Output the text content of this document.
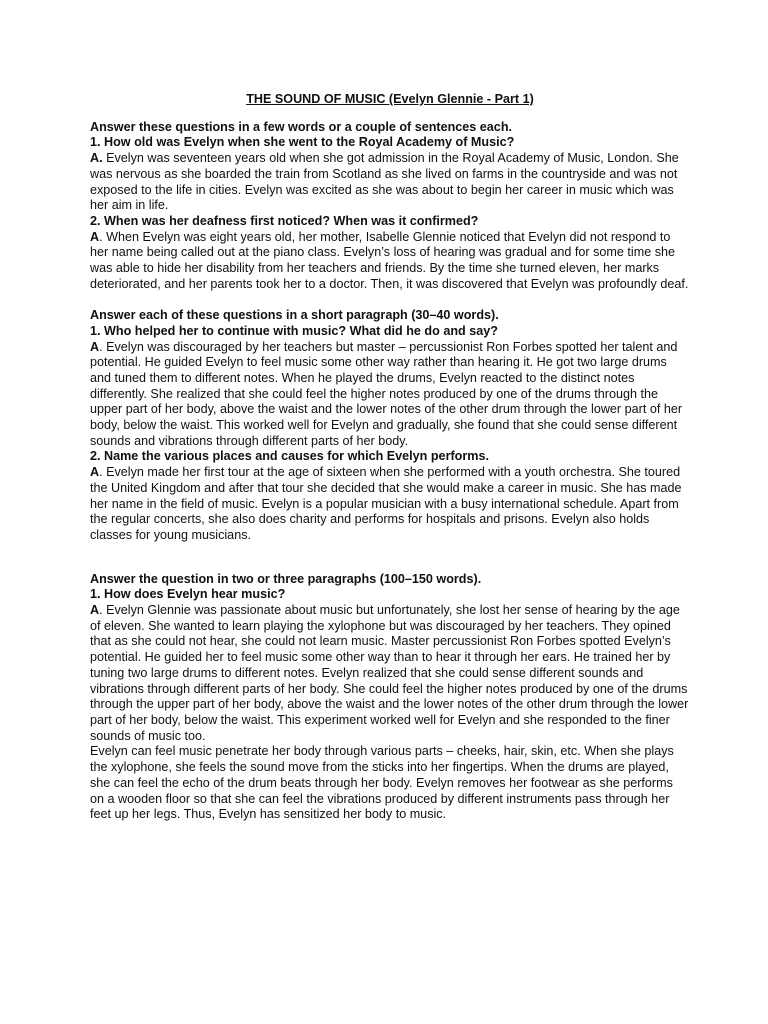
THE SOUND OF MUSIC (Evelyn Glennie - Part 1)

Answer these questions in a few words or a couple of sentences each.

1. How old was Evelyn when she went to the Royal Academy of Music?

A. Evelyn was seventeen years old when she got admission in the Royal Academy of Music, London. She was nervous as she boarded the train from Scotland as she lived on farms in the countryside and was not exposed to the life in cities. Evelyn was excited as she was about to begin her career in music which was her aim in life.

2. When was her deafness first noticed? When was it confirmed?

A. When Evelyn was eight years old, her mother, Isabelle Glennie noticed that Evelyn did not respond to her name being called out at the piano class. Evelyn’s loss of hearing was gradual and for some time she was able to hide her disability from her teachers and friends. By the time she turned eleven, her marks deteriorated, and her parents took her to a doctor. Then, it was discovered that Evelyn was profoundly deaf.

Answer each of these questions in a short paragraph (30–40 words).

1. Who helped her to continue with music? What did he do and say?

A. Evelyn was discouraged by her teachers but master – percussionist Ron Forbes spotted her talent and potential. He guided Evelyn to feel music some other way rather than hearing it. He got two large drums and tuned them to different notes. When he played the drums, Evelyn reacted to the distinct notes differently. She realized that she could feel the higher notes produced by one of the drums through the upper part of her body, above the waist and the lower notes of the other drum through the lower part of her body, below the waist. This worked well for Evelyn and gradually, she found that she could sense different sounds and vibrations through different parts of her body.

2. Name the various places and causes for which Evelyn performs.

A. Evelyn made her first tour at the age of sixteen when she performed with a youth orchestra. She toured the United Kingdom and after that tour she decided that she would make a career in music. She has made her name in the field of music. Evelyn is a popular musician with a busy international schedule. Apart from the regular concerts, she also does charity and performs for hospitals and prisons. Evelyn also holds classes for young musicians.

Answer the question in two or three paragraphs (100–150 words).

1. How does Evelyn hear music?

A. Evelyn Glennie was passionate about music but unfortunately, she lost her sense of hearing by the age of eleven. She wanted to learn playing the xylophone but was discouraged by her teachers. They opined that as she could not hear, she could not learn music. Master percussionist Ron Forbes spotted Evelyn’s potential. He guided her to feel music some other way than to hear it through her ears. He trained her by tuning two large drums to different notes. Evelyn realized that she could sense different sounds and vibrations through different parts of her body. She could feel the higher notes produced by one of the drums through the upper part of her body, above the waist and the lower notes of the other drum through the lower part of her body, below the waist. This experiment worked well for Evelyn and she responded to the finer sounds of music too.

Evelyn can feel music penetrate her body through various parts – cheeks, hair, skin, etc. When she plays the xylophone, she feels the sound move from the sticks into her fingertips. When the drums are played, she can feel the echo of the drum beats through her body. Evelyn removes her footwear as she performs on a wooden floor so that she can feel the vibrations produced by different instruments pass through her feet up her legs. Thus, Evelyn has sensitized her body to music.
